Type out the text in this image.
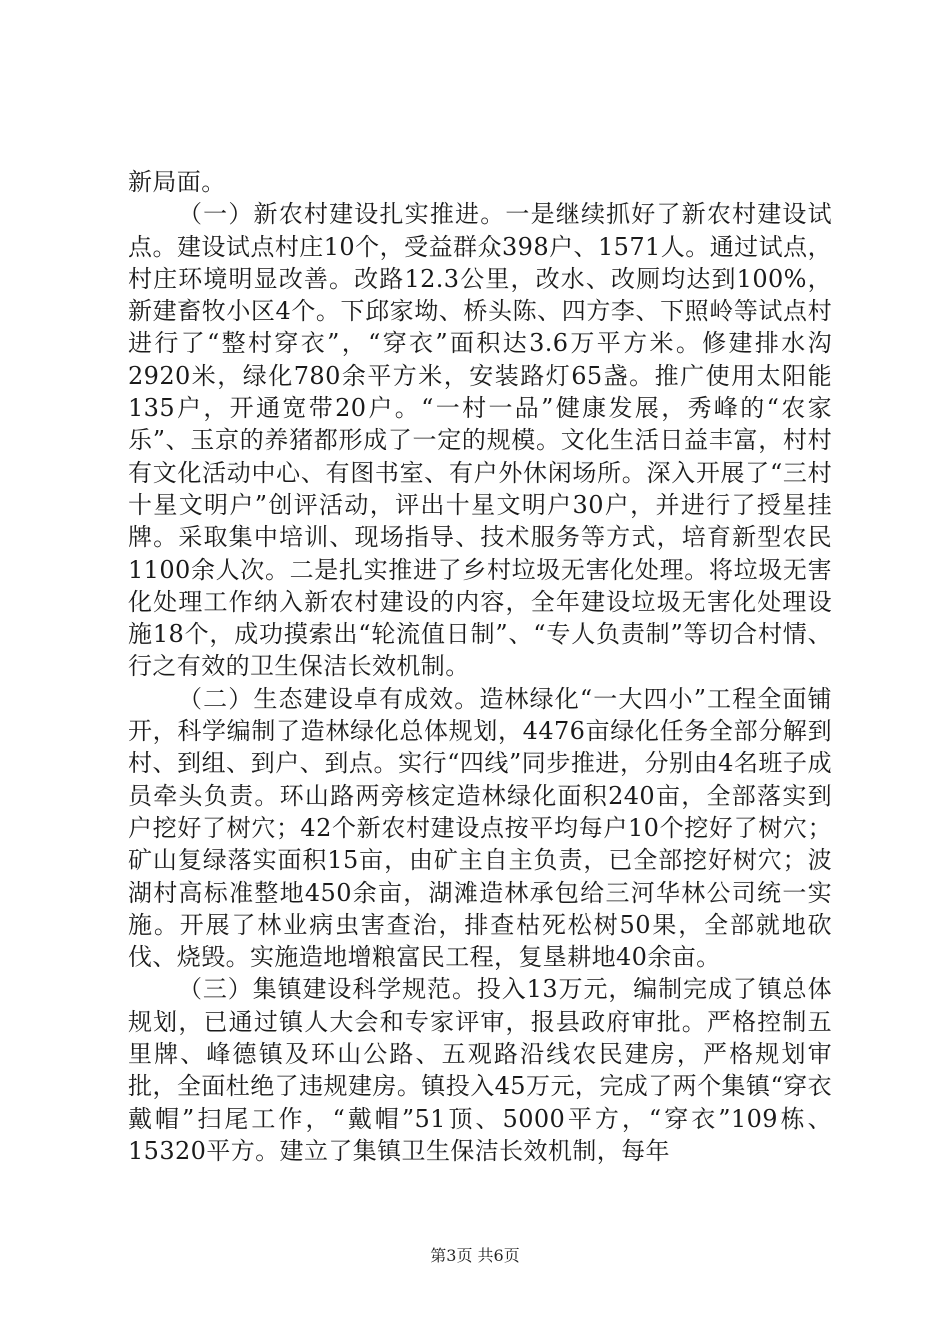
新局面。

（一）新农村建设扎实推进。一是继续抓好了新农村建设试点。建设试点村庄10个，受益群众398户、1571人。通过试点，村庄环境明显改善。改路12.3公里，改水、改厕均达到100%，新建畜牧小区4个。下邱家坳、桥头陈、四方李、下照岭等试点村进行了“整村穿衣”，“穿衣”面积达3.6万平方米。修建排水沟2920米，绿化780余平方米，安装路灯65盏。推广使用太阳能135户，开通宽带20户。“一村一品”健康发展，秀峰的“农家乐”、玉京的养猪都形成了一定的规模。文化生活日益丰富，村村有文化活动中心、有图书室、有户外休闲场所。深入开展了“三村十星文明户”创评活动，评出十星文明户30户，并进行了授星挂牌。采取集中培训、现场指导、技术服务等方式，培育新型农民1100余人次。二是扎实推进了乡村垃圾无害化处理。将垃圾无害化处理工作纳入新农村建设的内容，全年建设垃圾无害化处理设施18个，成功摸索出“轮流值日制”、“专人负责制”等切合村情、行之有效的卫生保洁长效机制。

（二）生态建设卓有成效。造林绿化“一大四小”工程全面铺开，科学编制了造林绿化总体规划，4476亩绿化任务全部分解到村、到组、到户、到点。实行“四线”同步推进，分别由4名班子成员牵头负责。环山路两旁核定造林绿化面积240亩，全部落实到户挖好了树穴；42个新农村建设点按平均每户10个挖好了树穴；矿山复绿落实面积15亩，由矿主自主负责，已全部挖好树穴；波湖村高标准整地450余亩，湖滩造林承包给三河华林公司统一实施。开展了林业病虫害查治，排查枯死松树50果，全部就地砍伐、烧毁。实施造地增粮富民工程，复垦耕地40余亩。

（三）集镇建设科学规范。投入13万元，编制完成了镇总体规划，已通过镇人大会和专家评审，报县政府审批。严格控制五里牌、峰德镇及环山公路、五观路沿线农民建房，严格规划审批，全面杜绝了违规建房。镇投入45万元，完成了两个集镇“穿衣戴帽”扫尾工作，“戴帽”51顶、5000平方，“穿衣”109栋、15320平方。建立了集镇卫生保洁长效机制，每年

第3页 共6页
